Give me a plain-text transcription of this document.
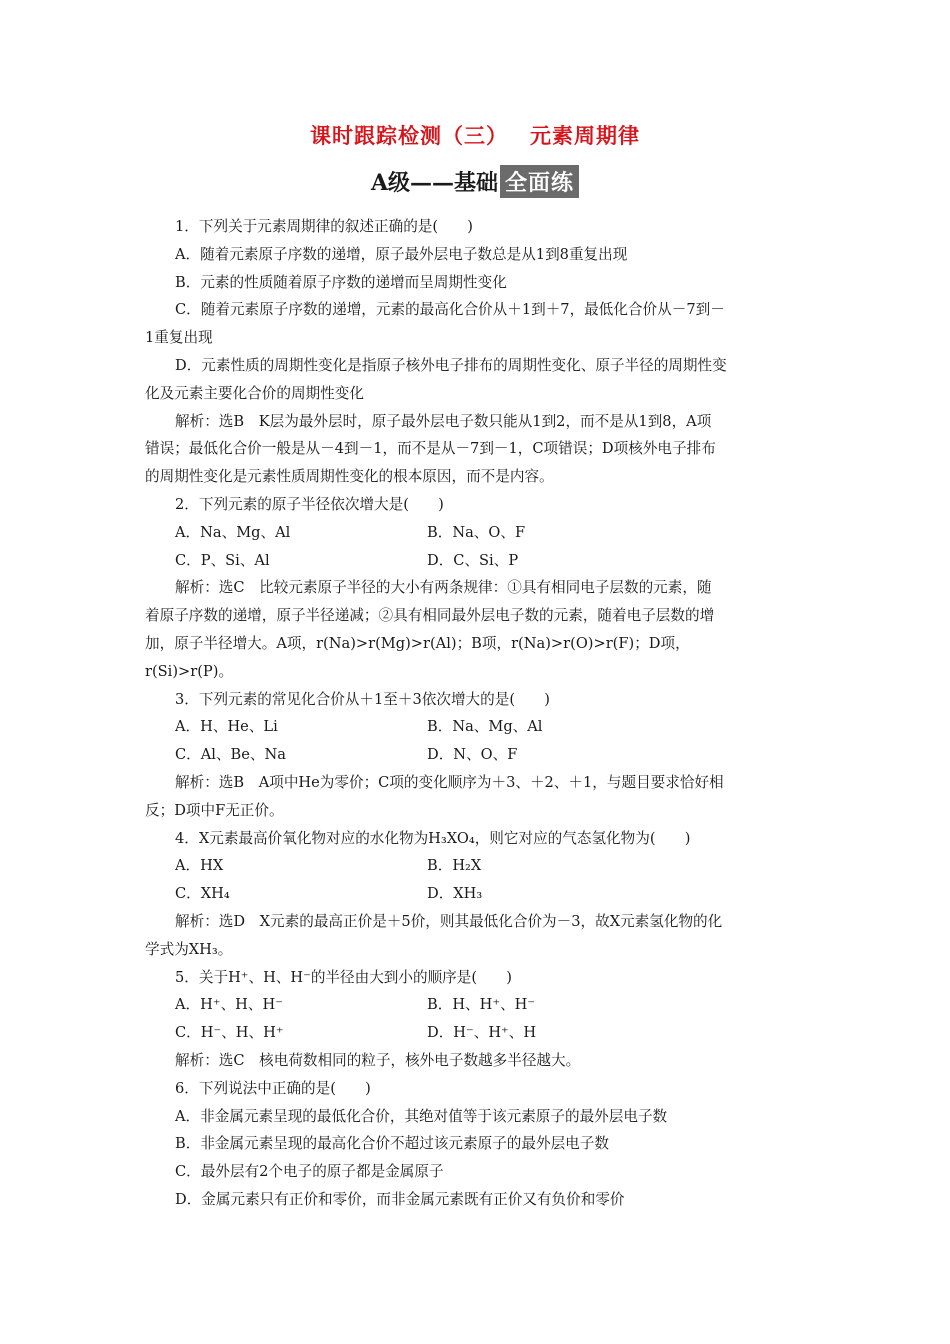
课时跟踪检测（三） 元素周期律
A级——基础 全面练

1．下列关于元素周期律的叙述正确的是(　　)

A．随着元素原子序数的递增，原子最外层电子数总是从1到8重复出现

B．元素的性质随着原子序数的递增而呈周期性变化

C．随着元素原子序数的递增，元素的最高化合价从＋1到＋7，最低化合价从－7到－

1重复出现

D．元素性质的周期性变化是指原子核外电子排布的周期性变化、原子半径的周期性变

化及元素主要化合价的周期性变化

解析：选B　K层为最外层时，原子最外层电子数只能从1到2，而不是从1到8，A项

错误；最低化合价一般是从－4到－1，而不是从－7到－1，C项错误；D项核外电子排布

的周期性变化是元素性质周期性变化的根本原因，而不是内容。

2．下列元素的原子半径依次增大是(　　)

A．Na、Mg、Al	B．Na、O、F
C．P、Si、Al	D．C、Si、P

解析：选C　比较元素原子半径的大小有两条规律：①具有相同电子层数的元素，随

着原子序数的递增，原子半径递减；②具有相同最外层电子数的元素，随着电子层数的增

加，原子半径增大。A项，r(Na)>r(Mg)>r(Al)；B项，r(Na)>r(O)>r(F)；D项，

r(Si)>r(P)。

3．下列元素的常见化合价从＋1至＋3依次增大的是(　　)

A．H、He、Li	B．Na、Mg、Al
C．Al、Be、Na	D．N、O、F

解析：选B　A项中He为零价；C项的变化顺序为＋3、＋2、＋1，与题目要求恰好相

反；D项中F无正价。

4．X元素最高价氧化物对应的水化物为H₃XO₄，则它对应的气态氢化物为(　　)

A．HX	B．H₂X
C．XH₄	D．XH₃

解析：选D　X元素的最高正价是＋5价，则其最低化合价为－3，故X元素氢化物的化

学式为XH₃。

5．关于H⁺、H、H⁻的半径由大到小的顺序是(　　)

A．H⁺、H、H⁻	B．H、H⁺、H⁻
C．H⁻、H、H⁺	D．H⁻、H⁺、H

解析：选C　核电荷数相同的粒子，核外电子数越多半径越大。

6．下列说法中正确的是(　　)

A．非金属元素呈现的最低化合价，其绝对值等于该元素原子的最外层电子数

B．非金属元素呈现的最高化合价不超过该元素原子的最外层电子数

C．最外层有2个电子的原子都是金属原子

D．金属元素只有正价和零价，而非金属元素既有正价又有负价和零价
